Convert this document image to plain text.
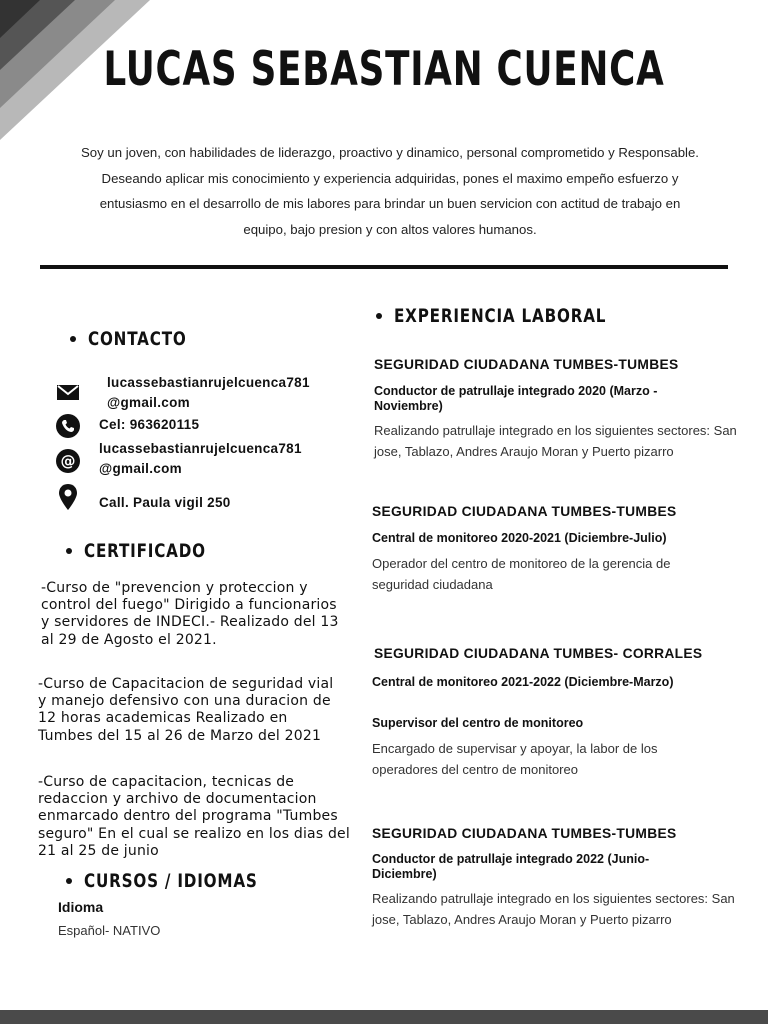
LUCAS SEBASTIAN CUENCA

Soy un joven, con habilidades de liderazgo, proactivo y dinamico, personal comprometido y Responsable. Deseando aplicar mis conocimiento y experiencia adquiridas, pones el maximo empeño esfuerzo y entusiasmo en el desarrollo de mis labores para brindar un buen servicion con actitud de trabajo en equipo, bajo presion y con altos valores humanos.

CONTACTO
lucassebastianrujelcuenca781
@gmail.com
Cel: 963620115
@
lucassebastianrujelcuenca781
@gmail.com
Call. Paula vigil 250
CERTIFICADO

-Curso de "prevencion y proteccion y control del fuego" Dirigido a funcionarios y servidores de INDECI.- Realizado del 13 al 29 de Agosto el 2021.

-Curso de Capacitacion de seguridad vial y manejo defensivo con una duracion de 12 horas academicas Realizado en Tumbes del 15 al 26 de Marzo del 2021

-Curso de capacitacion, tecnicas de redaccion y archivo de documentacion enmarcado dentro del programa "Tumbes seguro" En el cual se realizo en los dias del 21 al 25 de junio

CURSOS / IDIOMAS
Idioma
Español- NATIVO
EXPERIENCIA LABORAL
SEGURIDAD CIUDADANA TUMBES-TUMBES
Conductor de patrullaje integrado 2020 (Marzo - Noviembre)
Realizando patrullaje integrado en los siguientes sectores: San jose, Tablazo, Andres Araujo Moran y Puerto pizarro
SEGURIDAD CIUDADANA TUMBES-TUMBES
Central de monitoreo 2020-2021 (Diciembre-Julio)
Operador del centro de monitoreo de la gerencia de seguridad ciudadana
SEGURIDAD CIUDADANA TUMBES- CORRALES
Central de monitoreo 2021-2022 (Diciembre-Marzo)
Supervisor del centro de monitoreo
Encargado de supervisar y apoyar, la labor de los operadores del centro de monitoreo
SEGURIDAD CIUDADANA TUMBES-TUMBES
Conductor de patrullaje integrado 2022 (Junio-Diciembre)
Realizando patrullaje integrado en los siguientes sectores: San jose, Tablazo, Andres Araujo Moran y Puerto pizarro
